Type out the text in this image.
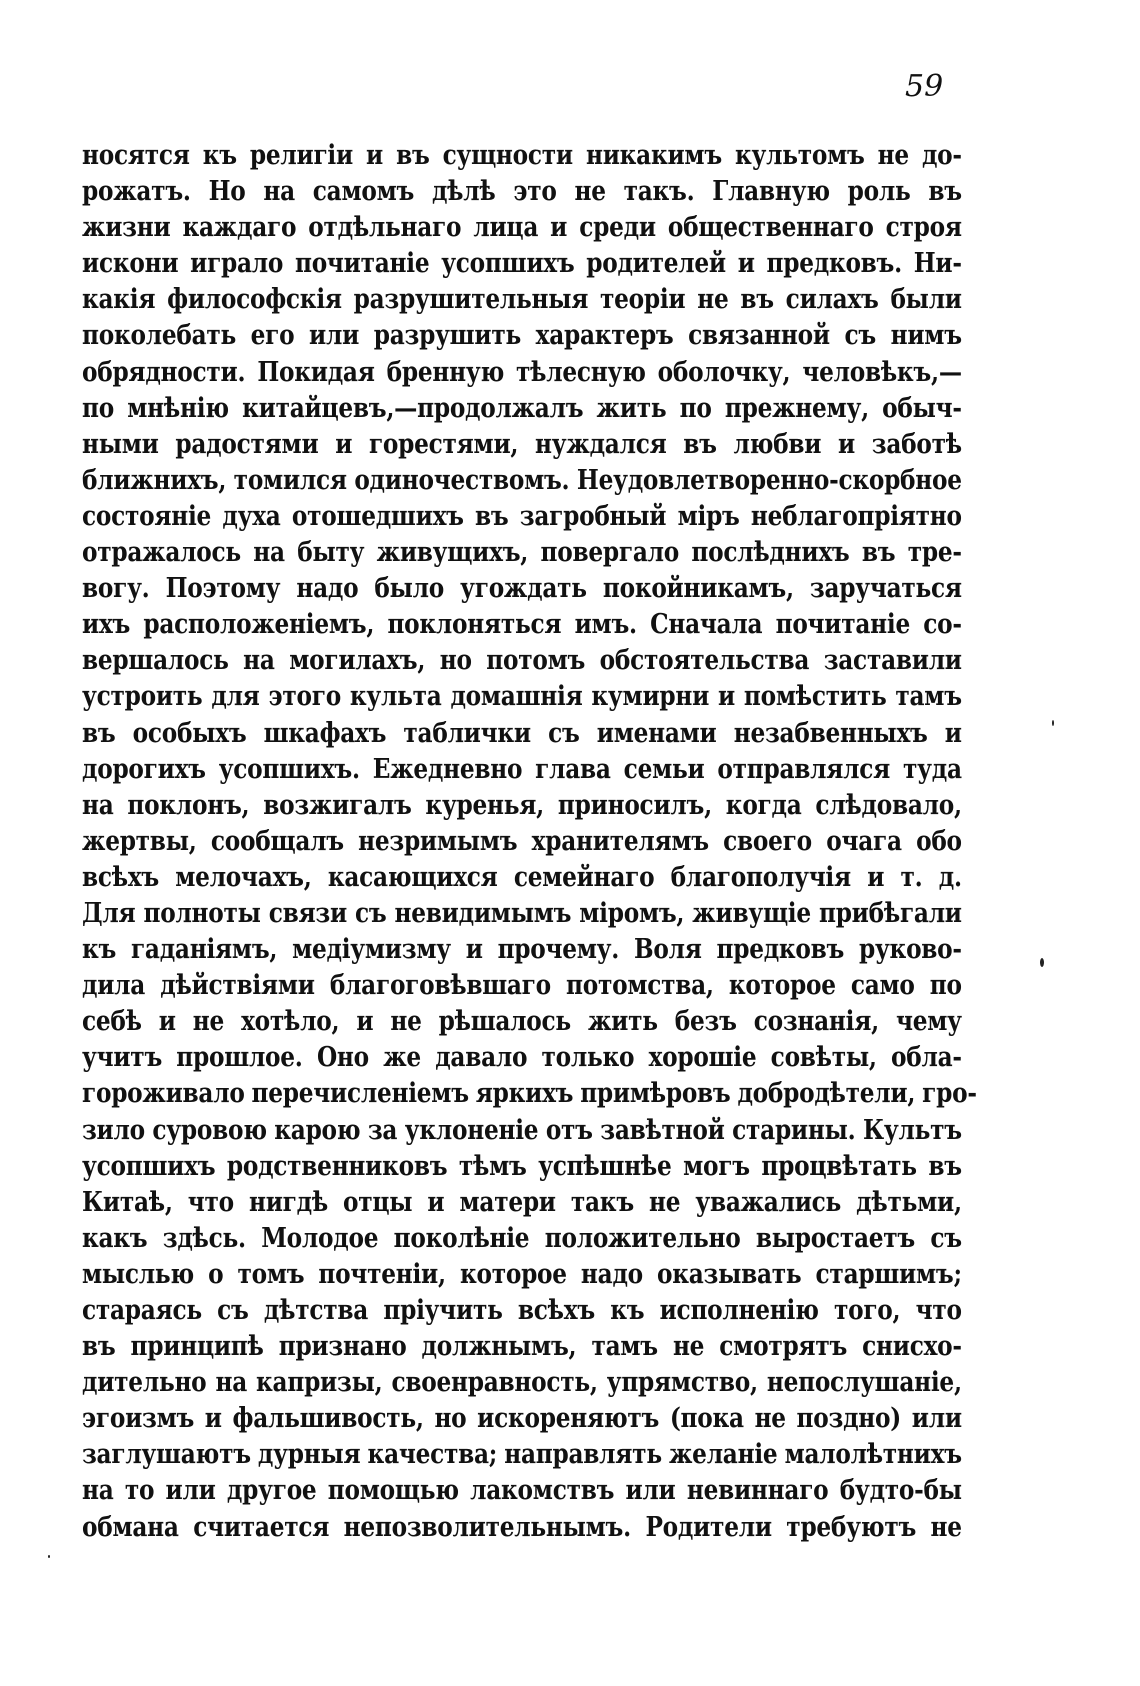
59
носятся къ религіи и въ сущности никакимъ культомъ не до-
рожатъ. Но на самомъ дѣлѣ это не такъ. Главную роль въ
жизни каждаго отдѣльнаго лица и среди общественнаго строя
искони играло почитаніе усопшихъ родителей и предковъ. Ни-
какія философскія разрушительныя теоріи не въ силахъ были
поколебать его или разрушить характеръ связанной съ нимъ
обрядности. Покидая бренную тѣлесную оболочку, человѣкъ,—
по мнѣнію китайцевъ,—продолжалъ жить по прежнему, обыч-
ными радостями и горестями, нуждался въ любви и заботѣ
ближнихъ, томился одиночествомъ. Неудовлетворенно-скорбное
состояніе духа отошедшихъ въ загробный міръ неблагопріятно
отражалось на быту живущихъ, повергало послѣднихъ въ тре-
вогу. Поэтому надо было угождать покойникамъ, заручаться
ихъ расположеніемъ, поклоняться имъ. Сначала почитаніе со-
вершалось на могилахъ, но потомъ обстоятельства заставили
устроить для этого культа домашнія кумирни и помѣстить тамъ
въ особыхъ шкафахъ таблички съ именами незабвенныхъ и
дорогихъ усопшихъ. Ежедневно глава семьи отправлялся туда
на поклонъ, возжигалъ куренья, приносилъ, когда слѣдовало,
жертвы, сообщалъ незримымъ хранителямъ своего очага обо
всѣхъ мелочахъ, касающихся семейнаго благополучія и т. д.
Для полноты связи съ невидимымъ міромъ, живущіе прибѣгали
къ гаданіямъ, медіумизму и прочему. Воля предковъ руково-
дила дѣйствіями благоговѣвшаго потомства, которое само по
себѣ и не хотѣло, и не рѣшалось жить безъ сознанія, чему
учитъ прошлое. Оно же давало только хорошіе совѣты, обла-
гороживало перечисленіемъ яркихъ примѣровъ добродѣтели, гро-
зило суровою карою за уклоненіе отъ завѣтной старины. Культъ
усопшихъ родственниковъ тѣмъ успѣшнѣе могъ процвѣтать въ
Китаѣ, что нигдѣ отцы и матери такъ не уважались дѣтьми,
какъ здѣсь. Молодое поколѣніе положительно выростаетъ съ
мыслью о томъ почтеніи, которое надо оказывать старшимъ;
стараясь съ дѣтства пріучить всѣхъ къ исполненію того, что
въ принципѣ признано должнымъ, тамъ не смотрятъ снисхо-
дительно на капризы, своенравность, упрямство, непослушаніе,
эгоизмъ и фальшивость, но искореняютъ (пока не поздно) или
заглушаютъ дурныя качества; направлять желаніе малолѣтнихъ
на то или другое помощью лакомствъ или невиннаго будто-бы
обмана считается непозволительнымъ. Родители требуютъ не
